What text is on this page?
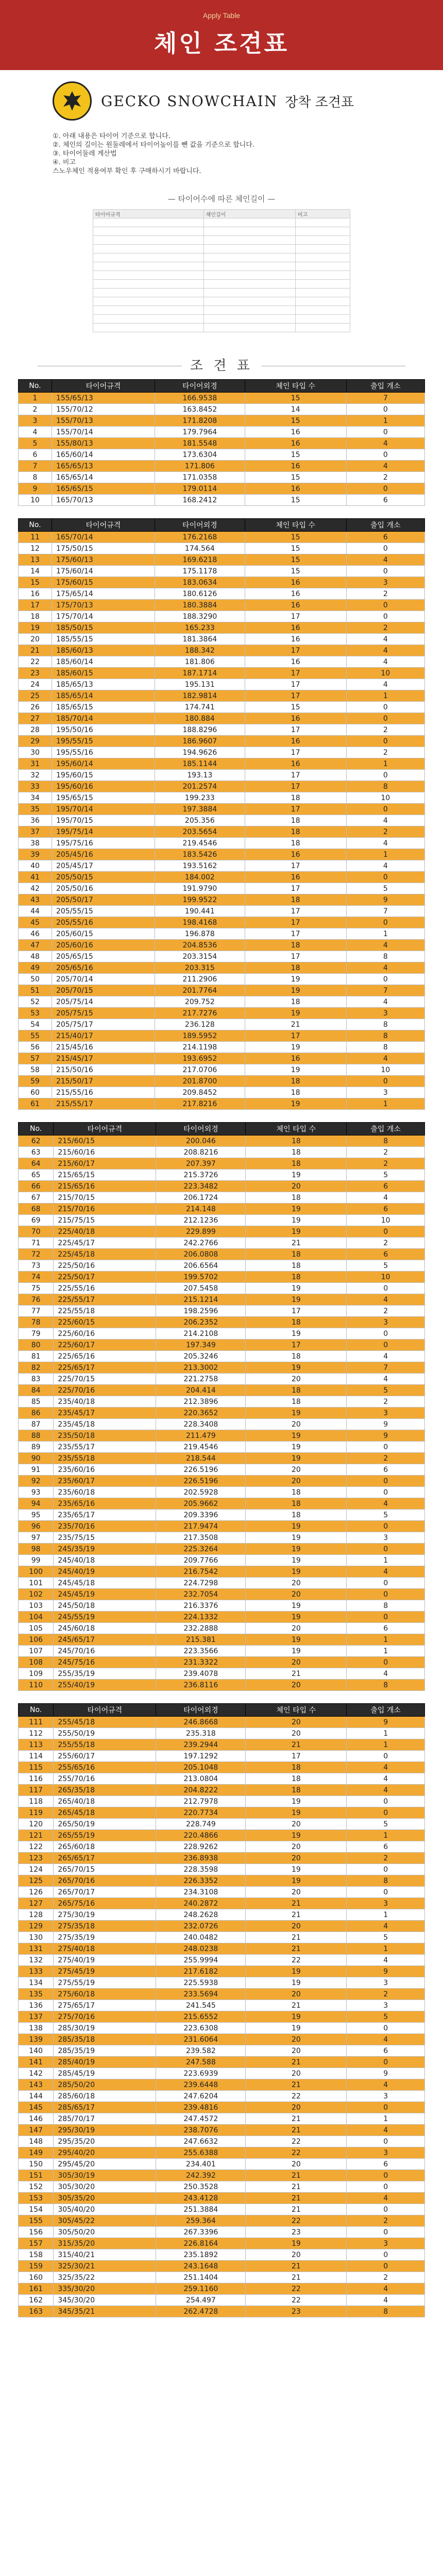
Apply Table
체인 조견표
GECKO SNOWCHAIN 장착 조견표
①. 아래 내용은 타이어 기준으로 합니다.
②. 체인의 길이는 원둘레에서 타이어높이를 뺀 값을 기준으로 합니다.
③. 타이어둘레 계산법
④. 비고
스노우체인 적용여부 확인 후 구매하시기 바랍니다.
— 타이어수에 따른 체인길이 —
타이어규격	체인길이	비고

조 견 표
No.	타이어규격	타이어외경	체인 타입 수	출입 개소
1	155/65/13	166.9538	15	7
2	155/70/12	163.8452	14	0
3	155/70/13	171.8208	15	1
4	155/70/14	179.7964	16	0
5	155/80/13	181.5548	16	4
6	165/60/14	173.6304	15	0
7	165/65/13	171.806	16	4
8	165/65/14	171.0358	15	2
9	165/65/15	179.0114	16	0
10	165/70/13	168.2412	15	6
No.	타이어규격	타이어외경	체인 타입 수	출입 개소
11	165/70/14	176.2168	15	6
12	175/50/15	174.564	15	0
13	175/60/13	169.6218	15	4
14	175/60/14	175.1178	15	0
15	175/60/15	183.0634	16	3
16	175/65/14	180.6126	16	2
17	175/70/13	180.3884	16	0
18	175/70/14	188.3290	17	0
19	185/50/15	165.233	16	2
20	185/55/15	181.3864	16	4
21	185/60/13	188.342	17	4
22	185/60/14	181.806	16	4
23	185/60/15	187.1714	17	10
24	185/65/13	195.131	17	4
25	185/65/14	182.9814	17	1
26	185/65/15	174.741	15	0
27	185/70/14	180.884	16	0
28	195/50/16	188.8296	17	2
29	195/55/15	186.9607	16	0
30	195/55/16	194.9626	17	2
31	195/60/14	185.1144	16	1
32	195/60/15	193.13	17	0
33	195/60/16	201.2574	17	8
34	195/65/15	199.233	18	10
35	195/70/14	197.3884	17	0
36	195/70/15	205.356	18	4
37	195/75/14	203.5654	18	2
38	195/75/16	219.4546	18	4
39	205/45/16	183.5426	16	1
40	205/45/17	193.5162	17	4
41	205/50/15	184.002	16	0
42	205/50/16	191.9790	17	5
43	205/50/17	199.9522	18	9
44	205/55/15	190.441	17	7
45	205/55/16	198.4168	17	0
46	205/60/15	196.878	17	1
47	205/60/16	204.8536	18	4
48	205/65/15	203.3154	17	8
49	205/65/16	203.315	18	4
50	205/70/14	211.2906	19	0
51	205/70/15	201.7764	19	7
52	205/75/14	209.752	18	4
53	205/75/15	217.7276	19	3
54	205/75/17	236.128	21	8
55	215/40/17	189.5952	17	8
56	215/45/16	214.1198	19	8
57	215/45/17	193.6952	16	4
58	215/50/16	217.0706	19	10
59	215/50/17	201.8700	18	0
60	215/55/16	209.8452	18	3
61	215/55/17	217.8216	19	1
No.	타이어규격	타이어외경	체인 타입 수	출입 개소
62	215/60/15	200.046	18	8
63	215/60/16	208.8216	18	2
64	215/60/17	207.397	18	2
65	215/65/15	215.3726	19	5
66	215/65/16	223.3482	20	6
67	215/70/15	206.1724	18	4
68	215/70/16	214.148	19	6
69	215/75/15	212.1236	19	10
70	225/40/18	229.899	19	0
71	225/45/17	242.2766	21	2
72	225/45/18	206.0808	18	6
73	225/50/16	206.6564	18	5
74	225/50/17	199.5702	18	10
75	225/55/16	207.5458	19	0
76	225/55/17	215.1214	19	4
77	225/55/18	198.2596	17	2
78	225/60/15	206.2352	18	3
79	225/60/16	214.2108	19	0
80	225/60/17	197.349	17	0
81	225/65/16	205.3246	18	4
82	225/65/17	213.3002	19	7
83	225/70/15	221.2758	20	4
84	225/70/16	204.414	18	5
85	235/40/18	212.3896	18	2
86	235/45/17	220.3652	19	3
87	235/45/18	228.3408	20	9
88	235/50/18	211.479	19	9
89	235/55/17	219.4546	19	0
90	235/55/18	218.544	19	2
91	235/60/16	226.5196	20	6
92	235/60/17	226.5196	20	0
93	235/60/18	202.5928	18	0
94	235/65/16	205.9662	18	4
95	235/65/17	209.3396	18	5
96	235/70/16	217.9474	19	0
97	235/75/15	217.3508	19	3
98	245/35/19	225.3264	19	0
99	245/40/18	209.7766	19	1
100	245/40/19	216.7542	19	4
101	245/45/18	224.7298	20	0
102	245/45/19	232.7054	20	0
103	245/50/18	216.3376	19	8
104	245/55/19	224.1332	19	0
105	245/60/18	232.2888	20	6
106	245/65/17	215.381	19	1
107	245/70/16	223.3566	19	1
108	245/75/16	231.3322	20	0
109	255/35/19	239.4078	21	4
110	255/40/19	236.8116	20	8
No.	타이어규격	타이어외경	체인 타입 수	출입 개소
111	255/45/18	246.8668	20	9
112	255/50/19	235.318	20	1
113	255/55/18	239.2944	21	1
114	255/60/17	197.1292	17	0
115	255/65/16	205.1048	18	4
116	255/70/16	213.0804	18	4
117	265/35/18	204.8222	18	4
118	265/40/18	212.7978	19	0
119	265/45/18	220.7734	19	0
120	265/50/19	228.749	20	5
121	265/55/19	220.4866	19	1
122	265/60/18	228.9262	20	6
123	265/65/17	236.8938	20	2
124	265/70/15	228.3598	19	0
125	265/70/16	226.3352	19	8
126	265/70/17	234.3108	20	0
127	265/75/16	240.2872	21	3
128	275/30/19	248.2628	21	1
129	275/35/18	232.0726	20	4
130	275/35/19	240.0482	21	5
131	275/40/18	248.0238	21	1
132	275/40/19	255.9994	22	4
133	275/45/19	217.6182	19	9
134	275/55/19	225.5938	19	3
135	275/60/18	233.5694	20	2
136	275/65/17	241.545	21	3
137	275/70/16	215.6552	19	5
138	285/30/19	223.6308	19	0
139	285/35/18	231.6064	20	4
140	285/35/19	239.582	20	6
141	285/40/19	247.588	21	0
142	285/45/19	223.6939	20	9
143	285/50/20	239.6448	21	4
144	285/60/18	247.6204	22	3
145	285/65/17	239.4816	20	0
146	285/70/17	247.4572	21	1
147	295/30/19	238.7076	21	4
148	295/35/20	247.6632	22	0
149	295/40/20	255.6388	22	3
150	295/45/20	234.401	20	6
151	305/30/19	242.392	21	0
152	305/30/20	250.3528	21	0
153	305/35/20	243.4128	21	4
154	305/40/20	251.3884	21	0
155	305/45/22	259.364	22	2
156	305/50/20	267.3396	23	0
157	315/35/20	226.8164	19	3
158	315/40/21	235.1892	20	0
159	325/30/21	243.1648	21	0
160	325/35/22	251.1404	21	2
161	335/30/20	259.1160	22	4
162	345/30/20	254.497	22	4
163	345/35/21	262.4728	23	8
